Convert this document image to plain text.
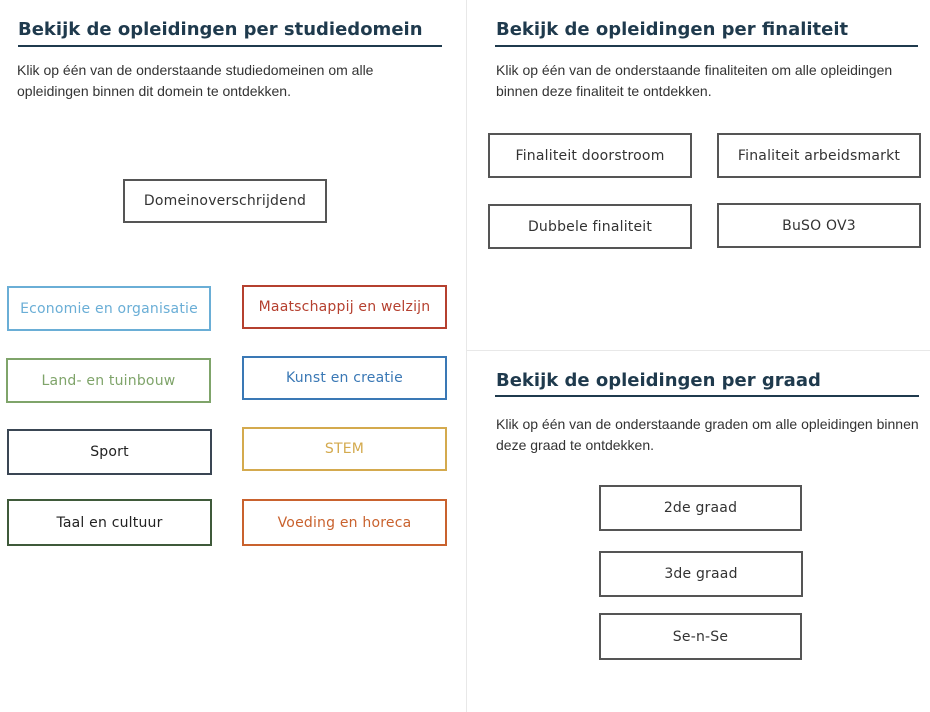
Bekijk de opleidingen per studiedomein

Klik op één van de onderstaande studiedomeinen om alle opleidingen binnen dit domein te ontdekken.

Domeinoverschrijdend
Economie en organisatie	Maatschappij en welzijn
Land- en tuinbouw	Kunst en creatie
Sport	STEM
Taal en cultuur	Voeding en horeca
Bekijk de opleidingen per finaliteit

Klik op één van de onderstaande finaliteiten om alle opleidingen binnen deze finaliteit te ontdekken.

Finaliteit doorstroom	Finaliteit arbeidsmarkt
Dubbele finaliteit	BuSO OV3
Bekijk de opleidingen per graad

Klik op één van de onderstaande graden om alle opleidingen binnen deze graad te ontdekken.

2de graad
3de graad
Se-n-Se
